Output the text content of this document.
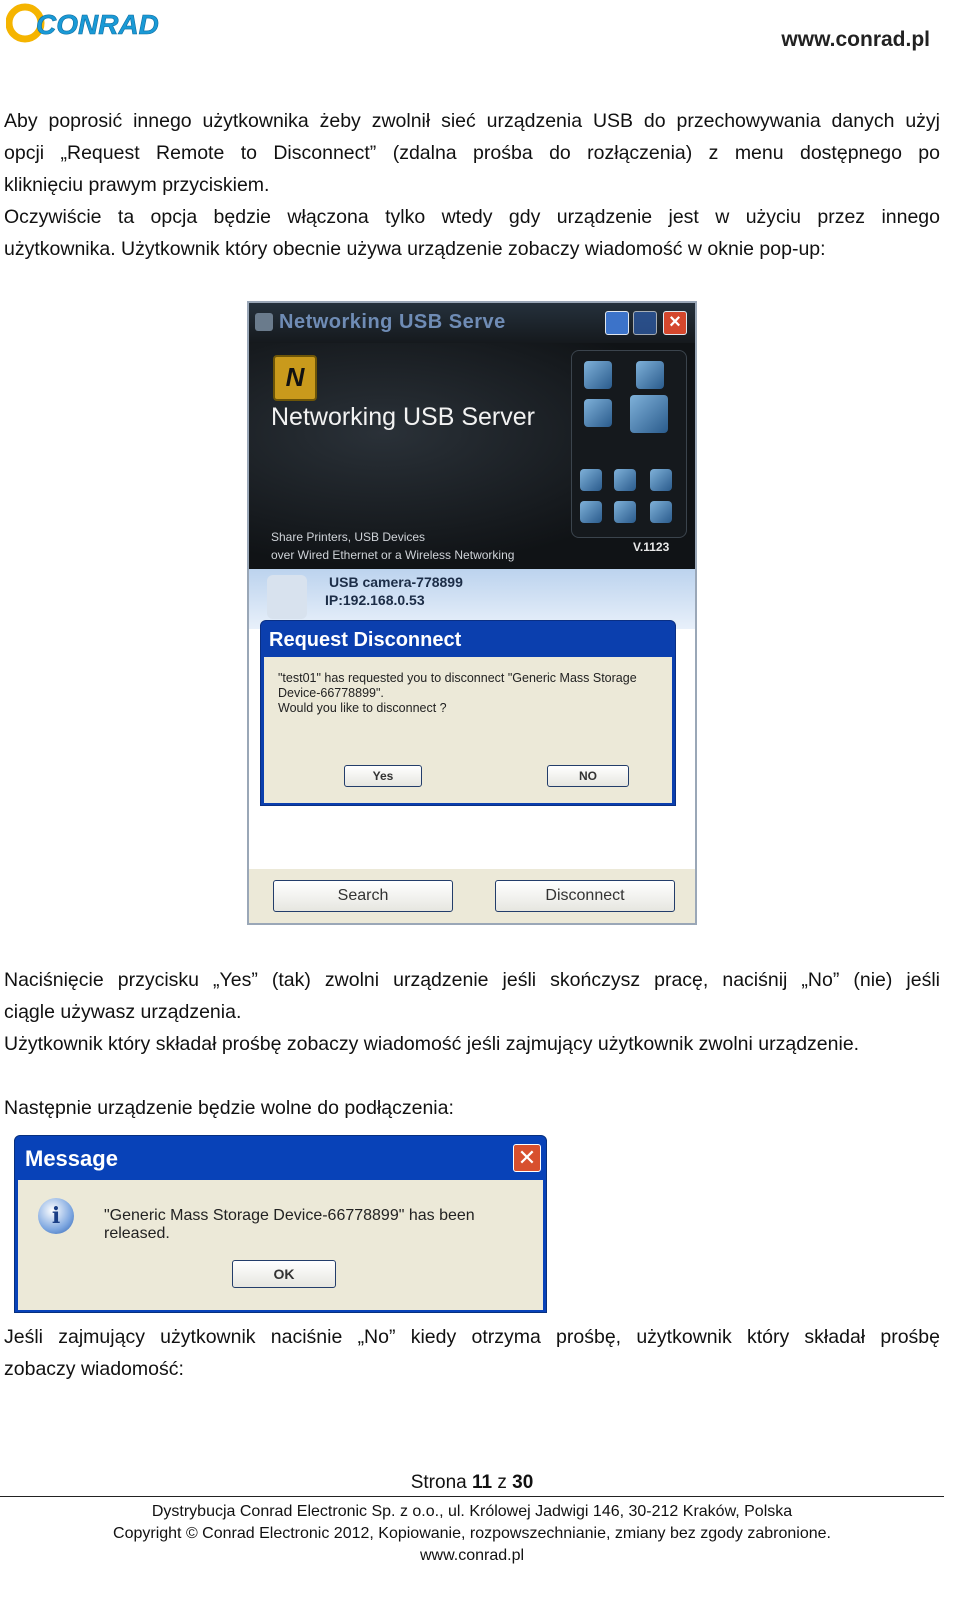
CONRAD	www.conrad.pl
Aby poprosić innego użytkownika żeby zwolnił sieć urządzenia USB do przechowywania danych użyj
opcji „Request Remote to Disconnect” (zdalna prośba do rozłączenia) z menu dostępnego po
kliknięciu prawym przyciskiem.
Oczywiście ta opcja będzie włączona tylko wtedy gdy urządzenie jest w użyciu przez innego
użytkownika. Użytkownik który obecnie używa urządzenie zobaczy wiadomość w oknie pop-up:
Networking USB Serve	×
N
Networking USB Server
Share Printers, USB Devices
over Wired Ethernet or a Wireless Networking
V.1123
USB camera-778899
IP:192.168.0.53
Search	Disconnect
Request Disconnect
"test01" has requested you to disconnect "Generic Mass Storage
Device-66778899".
Would you like to disconnect ?
Yes	NO
Naciśnięcie przycisku „Yes” (tak) zwolni urządzenie jeśli skończysz pracę, naciśnij „No” (nie) jeśli
ciągle używasz urządzenia.
Użytkownik który składał prośbę zobaczy wiadomość jeśli zajmujący użytkownik zwolni urządzenie.
Następnie urządzenie będzie wolne do podłączenia:
Message	✕
i	"Generic Mass Storage Device-66778899" has been released.
OK
Jeśli zajmujący użytkownik naciśnie „No” kiedy otrzyma prośbę, użytkownik który składał prośbę
zobaczy wiadomość:
Strona 11 z 30
Dystrybucja Conrad Electronic Sp. z o.o., ul. Królowej Jadwigi 146, 30-212 Kraków, Polska
Copyright © Conrad Electronic 2012, Kopiowanie, rozpowszechnianie, zmiany bez zgody zabronione.
www.conrad.pl
